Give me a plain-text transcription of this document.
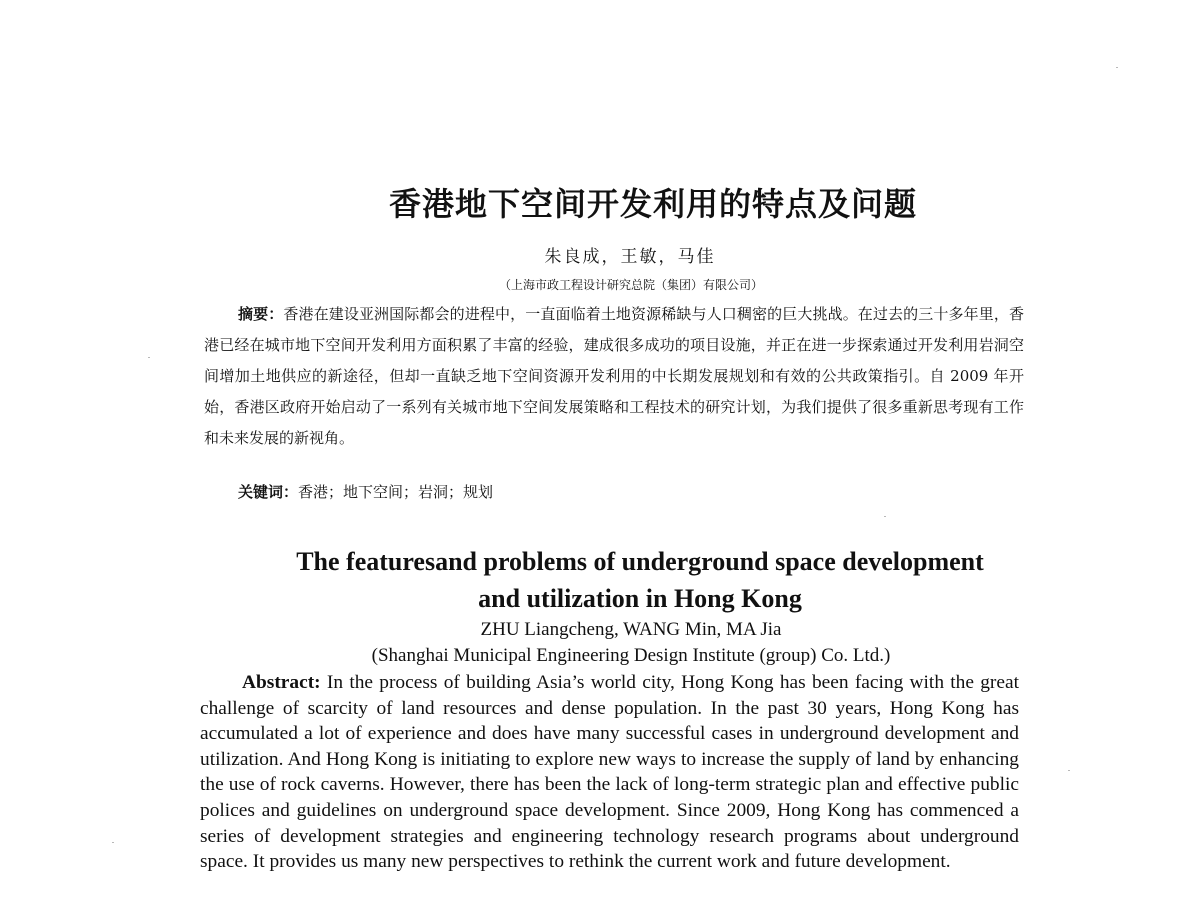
香港地下空间开发利用的特点及问题
朱良成，王敏，马佳
（上海市政工程设计研究总院（集团）有限公司）

摘要：香港在建设亚洲国际都会的进程中，一直面临着土地资源稀缺与人口稠密的巨大挑战。在过去的三十多年里，香港已经在城市地下空间开发利用方面积累了丰富的经验，建成很多成功的项目设施，并正在进一步探索通过开发利用岩洞空间增加土地供应的新途径，但却一直缺乏地下空间资源开发利用的中长期发展规划和有效的公共政策指引。自 2009 年开始，香港区政府开始启动了一系列有关城市地下空间发展策略和工程技术的研究计划，为我们提供了很多重新思考现有工作和未来发展的新视角。

关键词：香港；地下空间；岩洞；规划
The featuresand problems of underground space development
and utilization in Hong Kong
ZHU Liangcheng, WANG Min, MA Jia
(Shanghai Municipal Engineering Design Institute (group) Co. Ltd.)

Abstract: In the process of building Asia’s world city, Hong Kong has been facing with the great challenge of scarcity of land resources and dense population. In the past 30 years, Hong Kong has accumulated a lot of experience and does have many successful cases in underground development and utilization. And Hong Kong is initiating to explore new ways to increase the supply of land by enhancing the use of rock caverns. However, there has been the lack of long-term strategic plan and effective public polices and guidelines on underground space development. Since 2009, Hong Kong has commenced a series of development strategies and engineering technology research programs about underground space. It provides us many new perspectives to rethink the current work and future development.
